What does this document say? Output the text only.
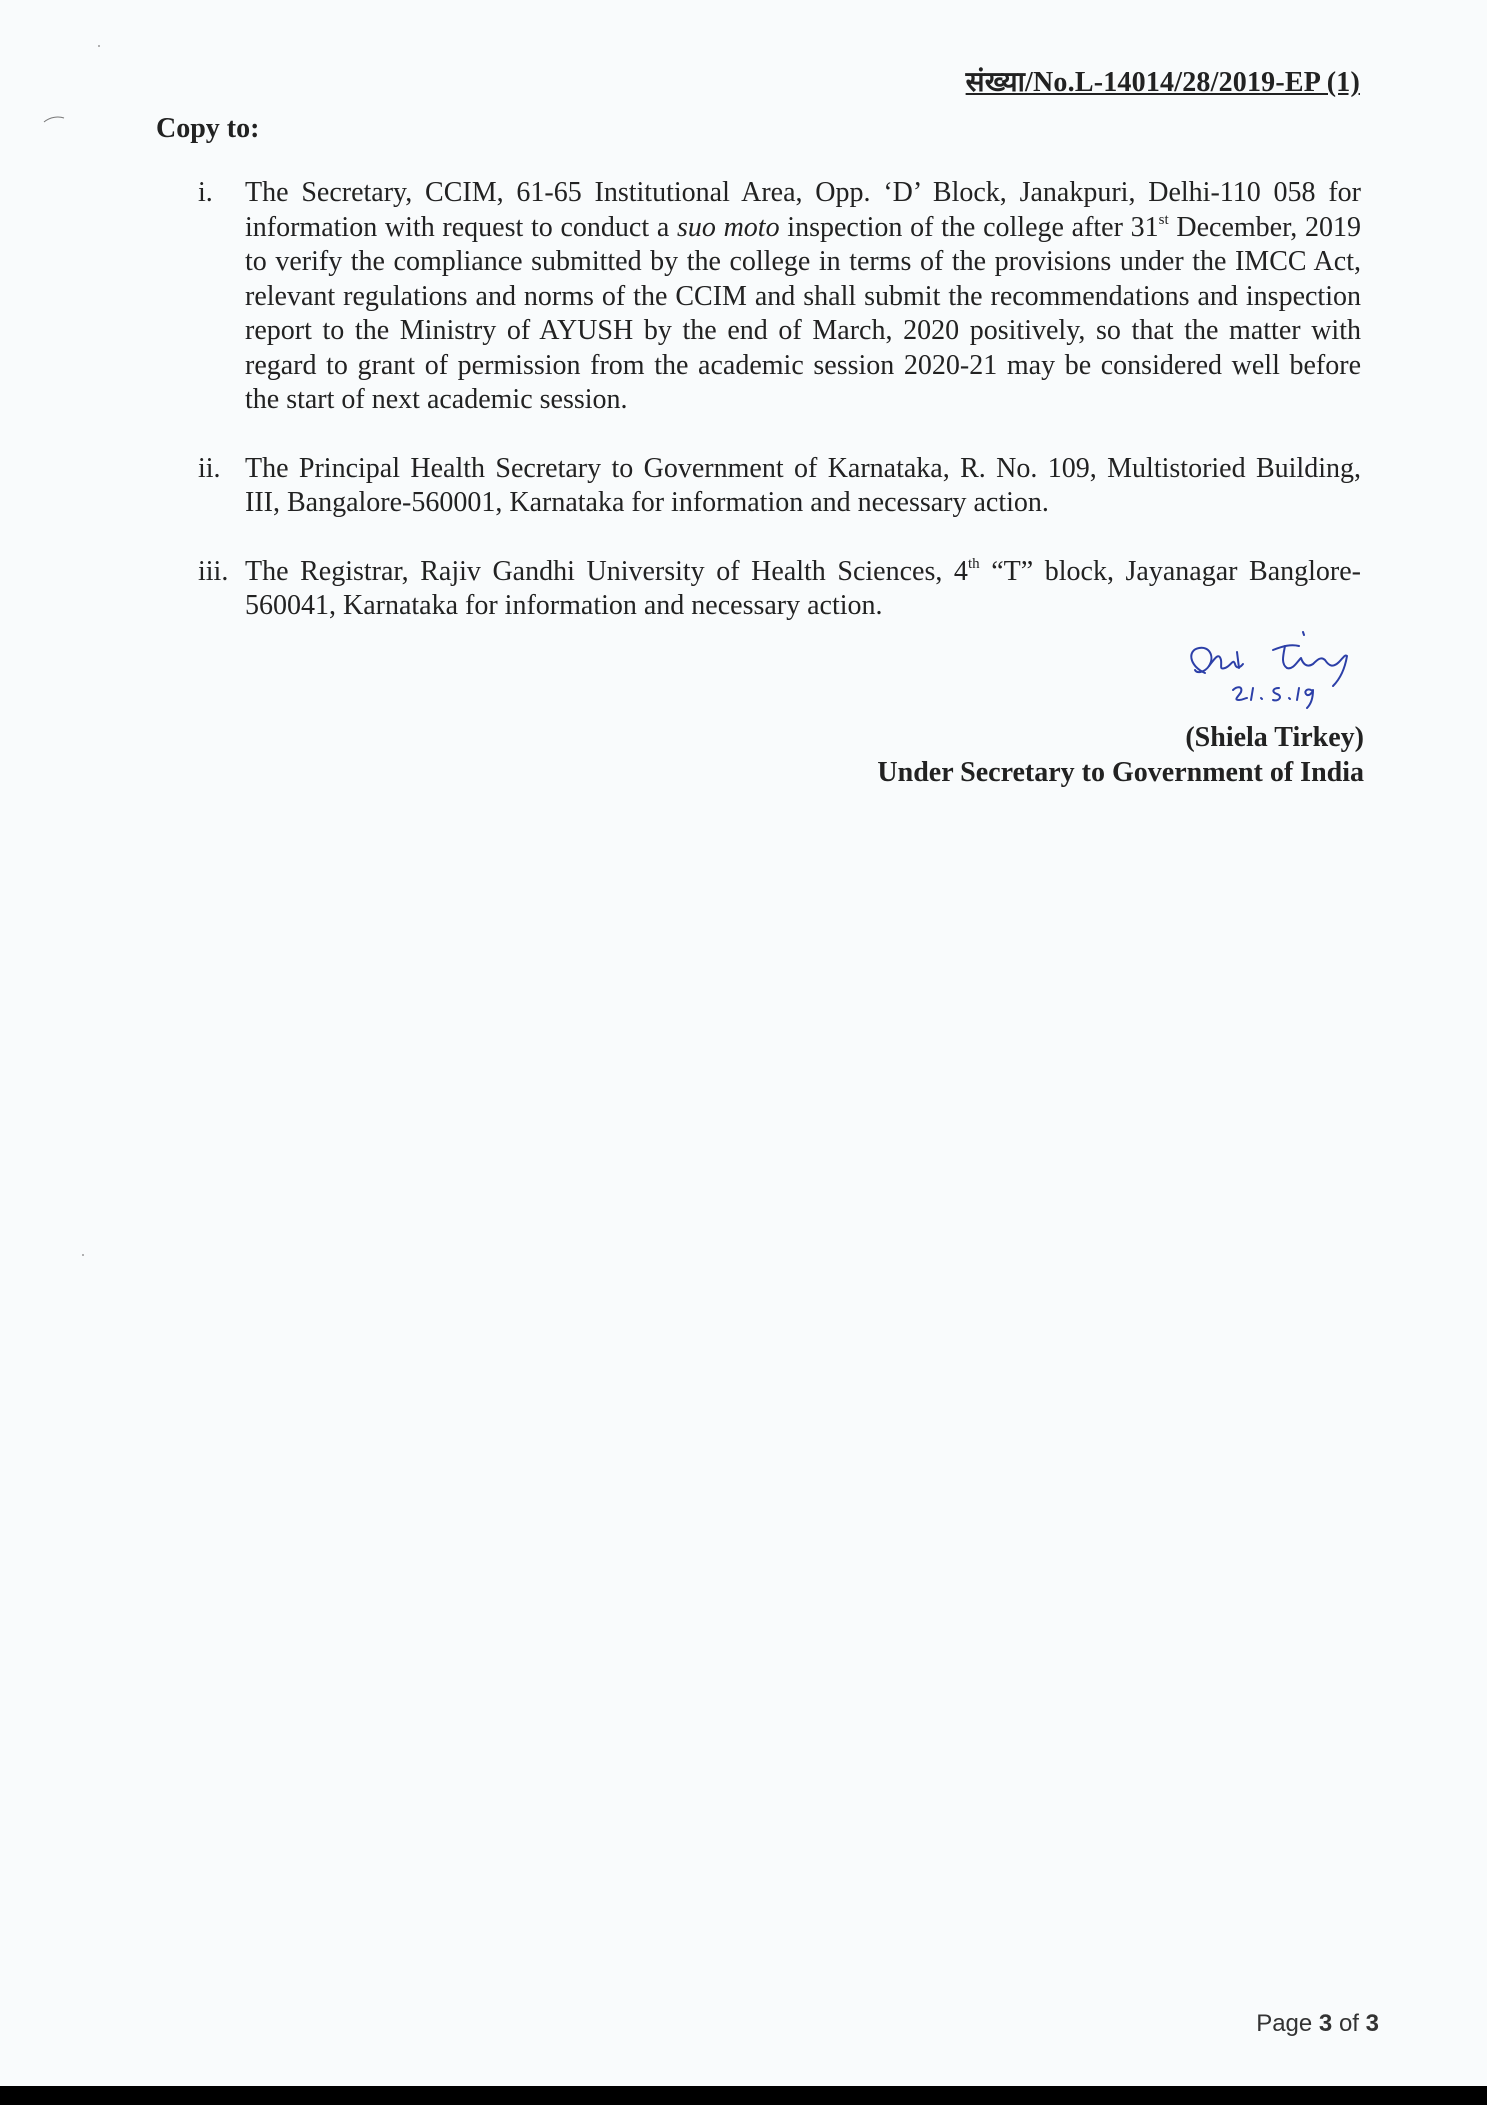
संख्या/No.L-14014/28/2019-EP (1)
Copy to:
i. The Secretary, CCIM, 61-65 Institutional Area, Opp. ‘D’ Block, Janakpuri, Delhi-110 058 for information with request to conduct a suo moto inspection of the college after 31st December, 2019 to verify the compliance submitted by the college in terms of the provisions under the IMCC Act, relevant regulations and norms of the CCIM and shall submit the recommendations and inspection report to the Ministry of AYUSH by the end of March, 2020 positively, so that the matter with regard to grant of permission from the academic session 2020-21 may be considered well before the start of next academic session.
ii. The Principal Health Secretary to Government of Karnataka, R. No. 109, Multistoried Building, III, Bangalore-560001, Karnataka for information and necessary action.
iii. The Registrar, Rajiv Gandhi University of Health Sciences, 4th “T” block, Jayanagar Banglore-560041, Karnataka for information and necessary action.
(Shiela Tirkey)
Under Secretary to Government of India
Page 3 of 3
